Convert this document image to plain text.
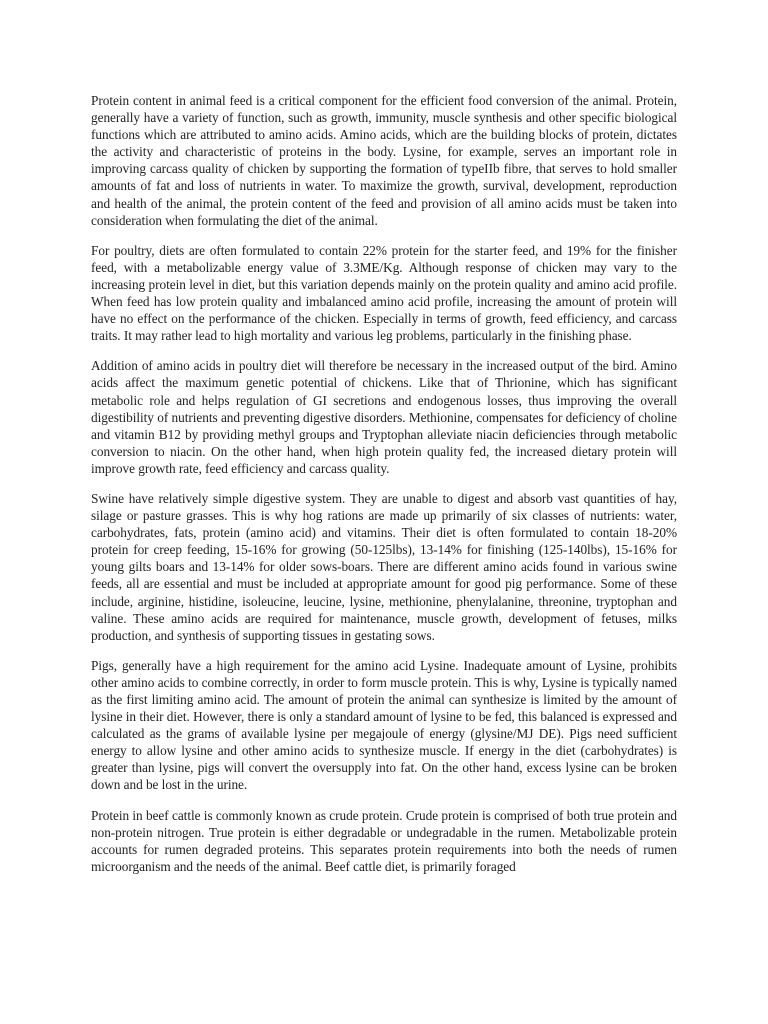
Protein content in animal feed is a critical component for the efficient food conversion of the animal. Protein, generally have a variety of function, such as growth, immunity, muscle synthesis and other specific biological functions which are attributed to amino acids. Amino acids, which are the building blocks of protein, dictates the activity and characteristic of proteins in the body. Lysine, for example, serves an important role in improving carcass quality of chicken by supporting the formation of typeIIb fibre, that serves to hold smaller amounts of fat and loss of nutrients in water. To maximize the growth, survival, development, reproduction and health of the animal, the protein content of the feed and provision of all amino acids must be taken into consideration when formulating the diet of the animal.

For poultry, diets are often formulated to contain 22% protein for the starter feed, and 19% for the finisher feed, with a metabolizable energy value of 3.3ME/Kg. Although response of chicken may vary to the increasing protein level in diet, but this variation depends mainly on the protein quality and amino acid profile. When feed has low protein quality and imbalanced amino acid profile, increasing the amount of protein will have no effect on the performance of the chicken. Especially in terms of growth, feed efficiency, and carcass traits. It may rather lead to high mortality and various leg problems, particularly in the finishing phase.

Addition of amino acids in poultry diet will therefore be necessary in the increased output of the bird. Amino acids affect the maximum genetic potential of chickens. Like that of Thrionine, which has significant metabolic role and helps regulation of GI secretions and endogenous losses, thus improving the overall digestibility of nutrients and preventing digestive disorders. Methionine, compensates for deficiency of choline and vitamin B12 by providing methyl groups and Tryptophan alleviate niacin deficiencies through metabolic conversion to niacin. On the other hand, when high protein quality fed, the increased dietary protein will improve growth rate, feed efficiency and carcass quality.

Swine have relatively simple digestive system. They are unable to digest and absorb vast quantities of hay, silage or pasture grasses. This is why hog rations are made up primarily of six classes of nutrients: water, carbohydrates, fats, protein (amino acid) and vitamins. Their diet is often formulated to contain 18-20% protein for creep feeding, 15-16% for growing (50-125lbs), 13-14% for finishing (125-140lbs), 15-16% for young gilts boars and 13-14% for older sows-boars. There are different amino acids found in various swine feeds, all are essential and must be included at appropriate amount for good pig performance. Some of these include, arginine, histidine, isoleucine, leucine, lysine, methionine, phenylalanine, threonine, tryptophan and valine. These amino acids are required for maintenance, muscle growth, development of fetuses, milks production, and synthesis of supporting tissues in gestating sows.

Pigs, generally have a high requirement for the amino acid Lysine. Inadequate amount of Lysine, prohibits other amino acids to combine correctly, in order to form muscle protein. This is why, Lysine is typically named as the first limiting amino acid. The amount of protein the animal can synthesize is limited by the amount of lysine in their diet. However, there is only a standard amount of lysine to be fed, this balanced is expressed and calculated as the grams of available lysine per megajoule of energy (glysine/MJ DE). Pigs need sufficient energy to allow lysine and other amino acids to synthesize muscle. If energy in the diet (carbohydrates) is greater than lysine, pigs will convert the oversupply into fat. On the other hand, excess lysine can be broken down and be lost in the urine.

Protein in beef cattle is commonly known as crude protein. Crude protein is comprised of both true protein and non-protein nitrogen. True protein is either degradable or undegradable in the rumen. Metabolizable protein accounts for rumen degraded proteins. This separates protein requirements into both the needs of rumen microorganism and the needs of the animal. Beef cattle diet, is primarily foraged
